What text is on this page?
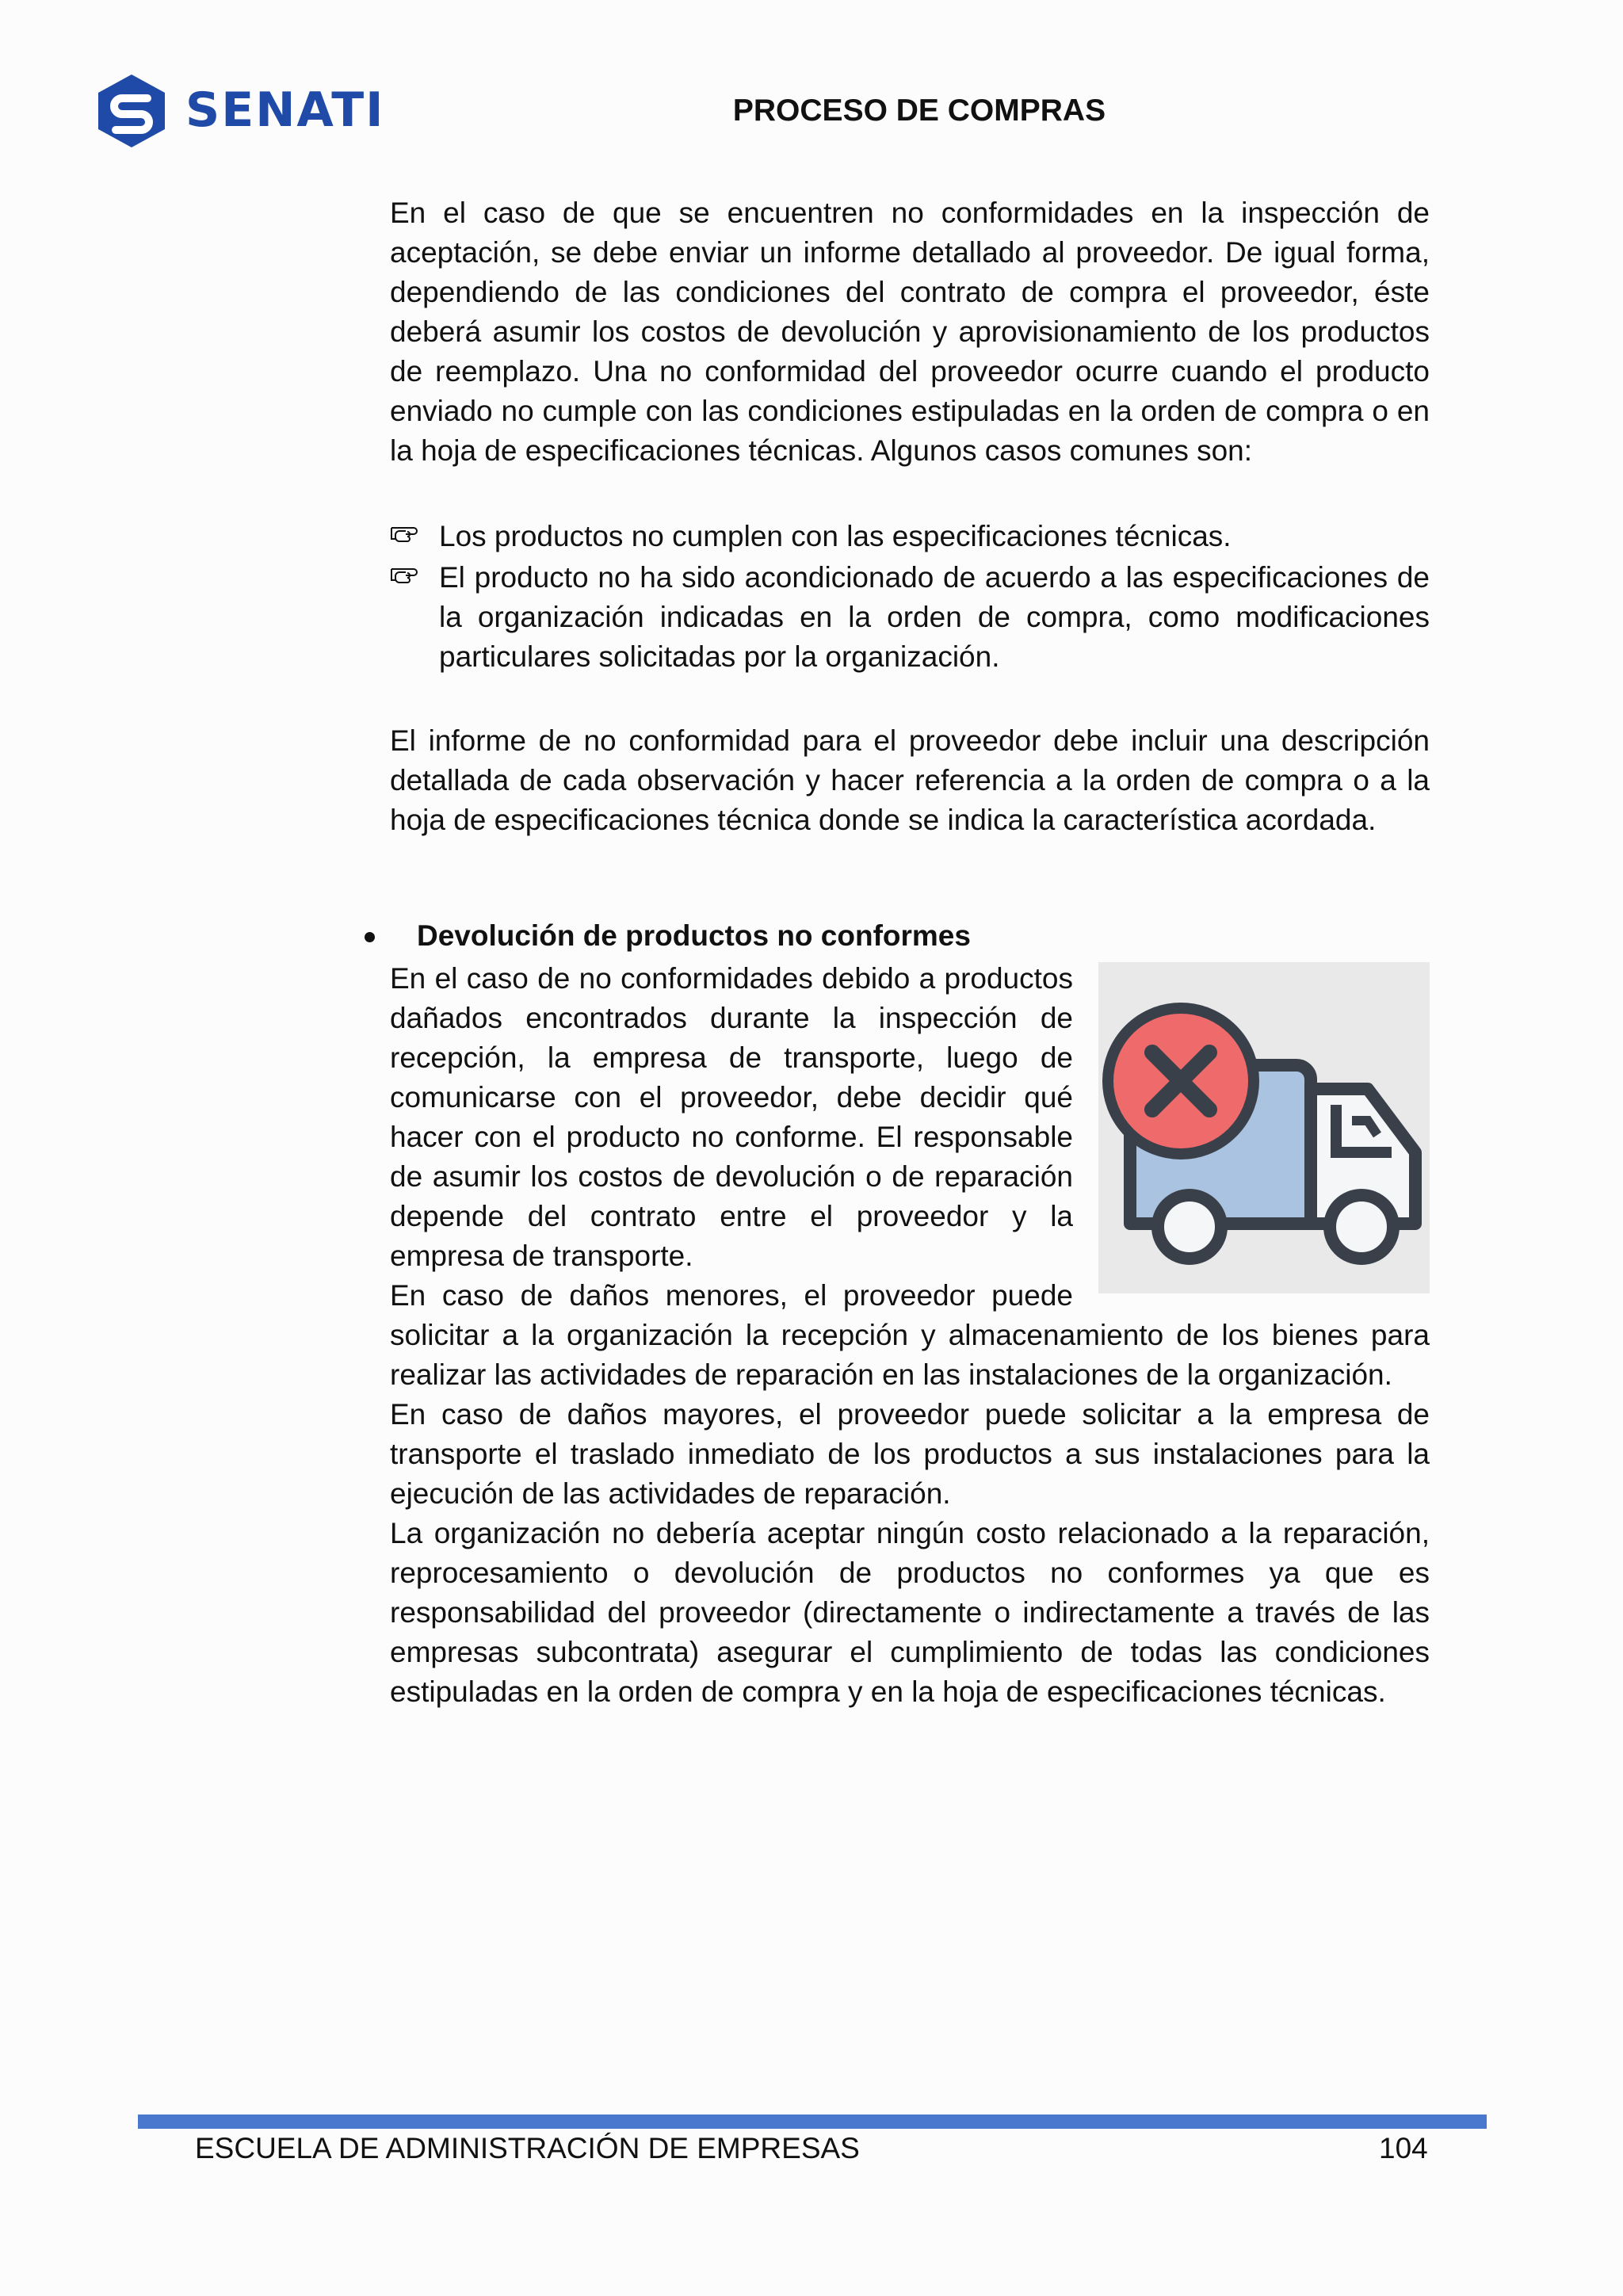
SENATI	PROCESO DE COMPRAS

En el caso de que se encuentren no conformidades en la inspección de aceptación, se debe enviar un informe detallado al proveedor. De igual forma, dependiendo de las condiciones del contrato de compra el proveedor, éste deberá asumir los costos de devolución y aprovisionamiento de los productos de reemplazo. Una no conformidad del proveedor ocurre cuando el producto enviado no cumple con las condiciones estipuladas en la orden de compra o en la hoja de especificaciones técnicas. Algunos casos comunes son:

Los productos no cumplen con las especificaciones técnicas.
El producto no ha sido acondicionado de acuerdo a las especificaciones de la organización indicadas en la orden de compra, como modificaciones particulares solicitadas por la organización.

El informe de no conformidad para el proveedor debe incluir una descripción detallada de cada observación y hacer referencia a la orden de compra o a la hoja de especificaciones técnica donde se indica la característica acordada.

Devolución de productos no conformes

En el caso de no conformidades debido a productos dañados encontrados durante la inspección de recepción, la empresa de transporte, luego de comunicarse con el proveedor, debe decidir qué hacer con el producto no conforme. El responsable de asumir los costos de devolución o de reparación depende del contrato entre el proveedor y la empresa de transporte.

En caso de daños menores, el proveedor puede solicitar a la organización la recepción y almacenamiento de los bienes para realizar las actividades de reparación en las instalaciones de la organización.

En caso de daños mayores, el proveedor puede solicitar a la empresa de transporte el traslado inmediato de los productos a sus instalaciones para la ejecución de las actividades de reparación.

La organización no debería aceptar ningún costo relacionado a la reparación, reprocesamiento o devolución de productos no conformes ya que es responsabilidad del proveedor (directamente o indirectamente a través de las empresas subcontrata) asegurar el cumplimiento de todas las condiciones estipuladas en la orden de compra y en la hoja de especificaciones técnicas.

ESCUELA DE ADMINISTRACIÓN DE EMPRESAS	104
